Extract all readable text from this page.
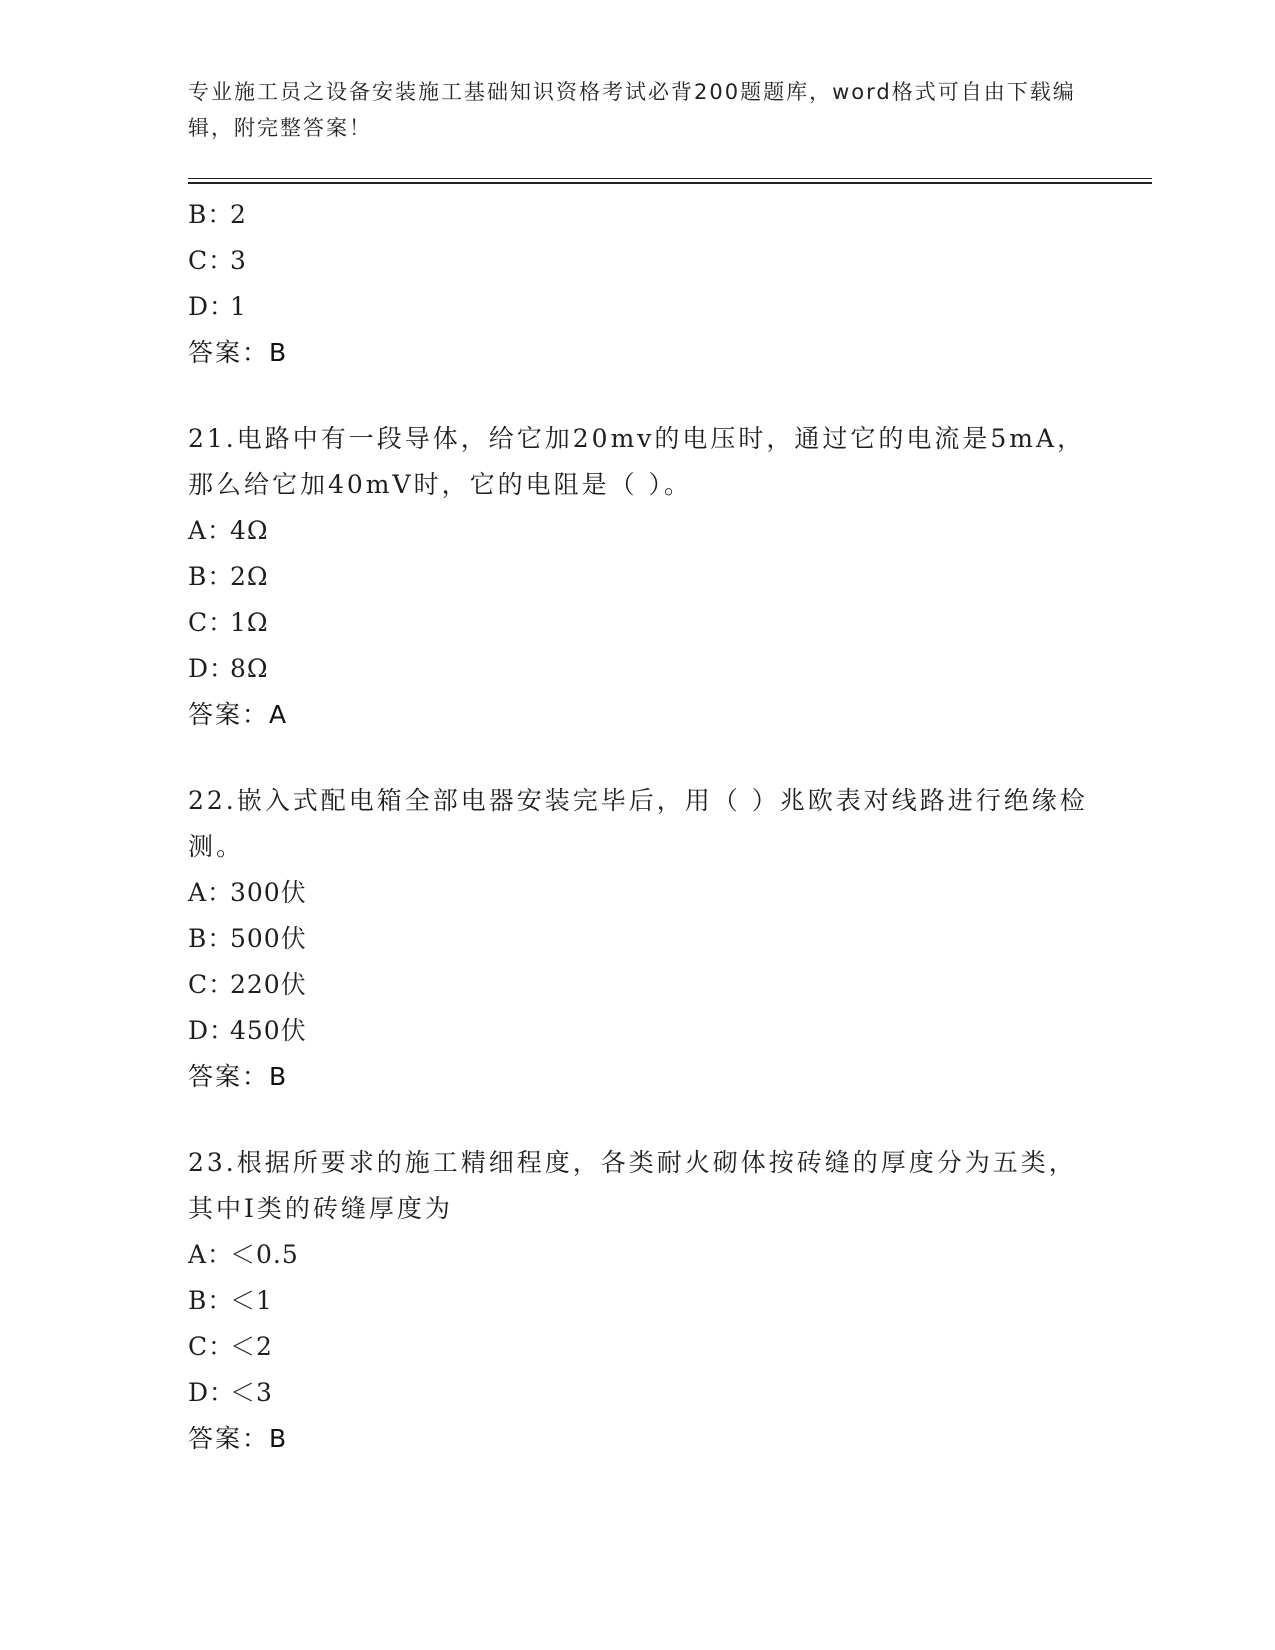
专业施工员之设备安装施工基础知识资格考试必背200题题库，word格式可自由下载编辑，附完整答案！
B：2
C：3
D：1
答案：B
21.电路中有一段导体，给它加20mv的电压时，通过它的电流是5mA，那么给它加40mV时，它的电阻是（ ）。
A：4Ω
B：2Ω
C：1Ω
D：8Ω
答案：A
22.嵌入式配电箱全部电器安装完毕后，用（ ）兆欧表对线路进行绝缘检测。
A：300伏
B：500伏
C：220伏
D：450伏
答案：B
23.根据所要求的施工精细程度，各类耐火砌体按砖缝的厚度分为五类，其中Ⅰ类的砖缝厚度为
A：＜0.5
B：＜1
C：＜2
D：＜3
答案：B
